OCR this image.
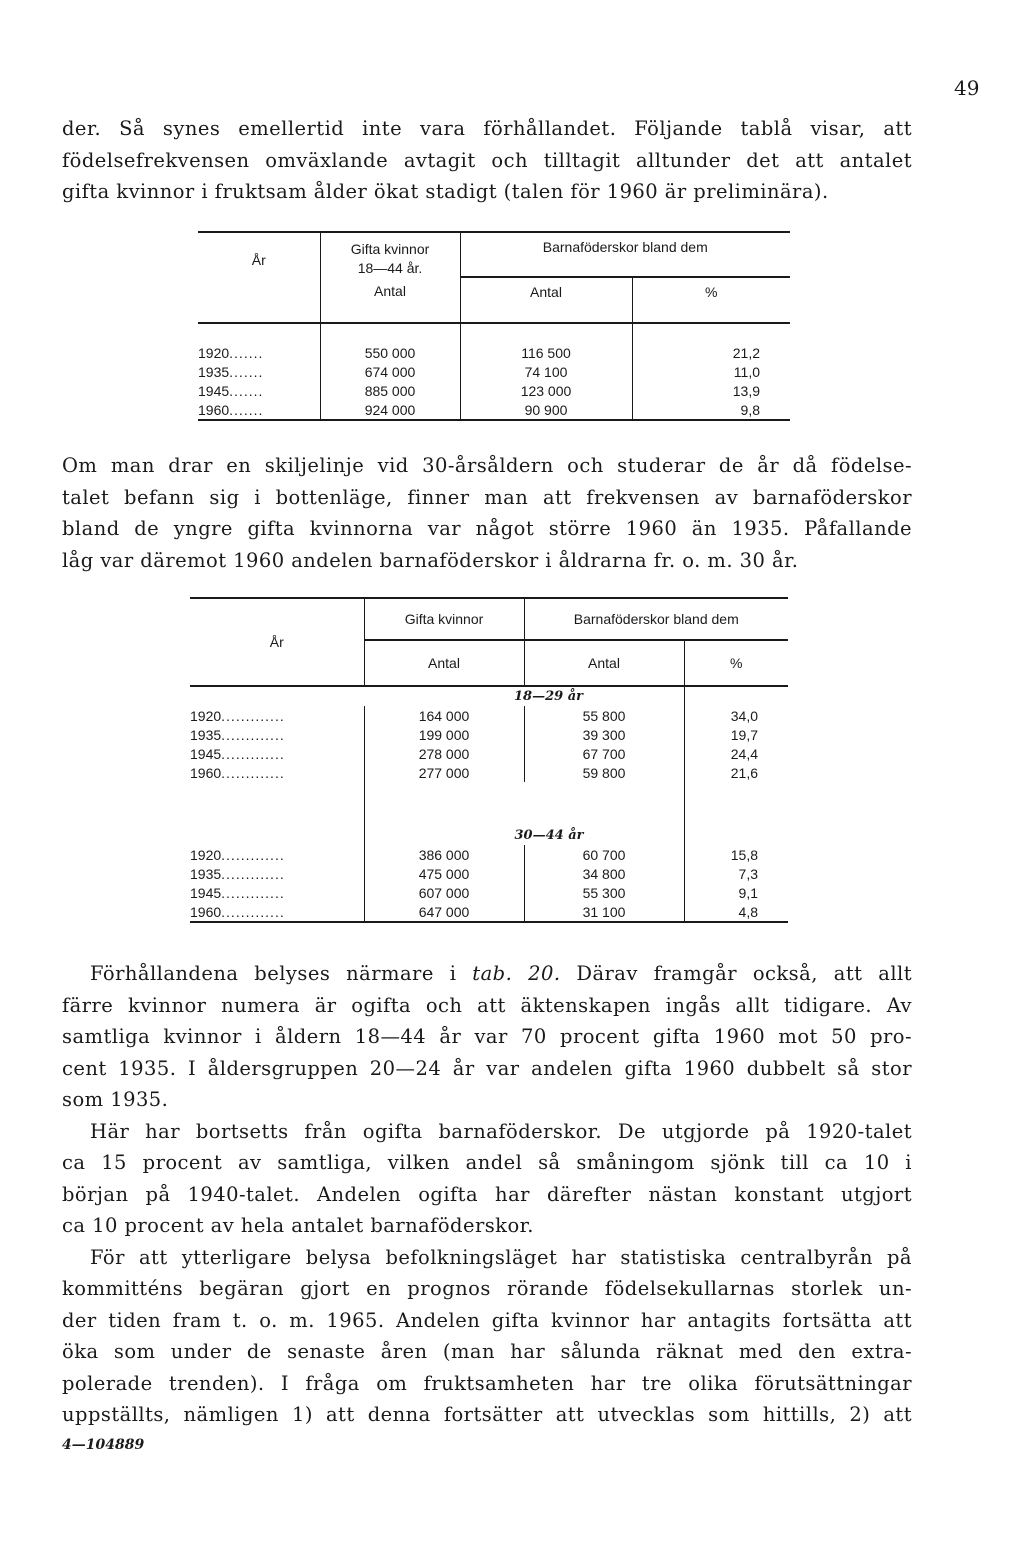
49
der. Så synes emellertid inte vara förhållandet. Följande tablå visar, att
födelsefrekvensen omväxlande avtagit och tilltagit alltunder det att antalet
gifta kvinnor i fruktsam ålder ökat stadigt (talen för 1960 är preliminära).
År	Gifta kvinnor	Barnaföderskor bland dem	
	18—44 år.		
	Antal	Antal	%

1920.......	550 000	116 500	21,2
1935.......	674 000	74 100	11,0
1945.......	885 000	123 000	13,9
1960.......	924 000	90 900	9,8
Om man drar en skiljelinje vid 30-årsåldern och studerar de år då födelse-
talet befann sig i bottenläge, finner man att frekvensen av barnaföderskor
bland de yngre gifta kvinnorna var något större 1960 än 1935. Påfallande
låg var däremot 1960 andelen barnaföderskor i åldrarna fr. o. m. 30 år.
År	Gifta kvinnor	Barnaföderskor bland dem	
	Antal	Antal	%
	18—29 år		
1920.............	164 000	55 800	34,0
1935.............	199 000	39 300	19,7
1945.............	278 000	67 700	24,4
1960.............	277 000	59 800	21,6

	30—44 år		
1920.............	386 000	60 700	15,8
1935.............	475 000	34 800	7,3
1945.............	607 000	55 300	9,1
1960.............	647 000	31 100	4,8
Förhållandena belyses närmare i tab. 20. Därav framgår också, att allt
färre kvinnor numera är ogifta och att äktenskapen ingås allt tidigare. Av
samtliga kvinnor i åldern 18—44 år var 70 procent gifta 1960 mot 50 pro-
cent 1935. I åldersgruppen 20—24 år var andelen gifta 1960 dubbelt så stor
som 1935.
Här har bortsetts från ogifta barnaföderskor. De utgjorde på 1920-talet
ca 15 procent av samtliga, vilken andel så småningom sjönk till ca 10 i
början på 1940-talet. Andelen ogifta har därefter nästan konstant utgjort
ca 10 procent av hela antalet barnaföderskor.
För att ytterligare belysa befolkningsläget har statistiska centralbyrån på
kommitténs begäran gjort en prognos rörande födelsekullarnas storlek un-
der tiden fram t. o. m. 1965. Andelen gifta kvinnor har antagits fortsätta att
öka som under de senaste åren (man har sålunda räknat med den extra-
polerade trenden). I fråga om fruktsamheten har tre olika förutsättningar
uppställts, nämligen 1) att denna fortsätter att utvecklas som hittills, 2) att
4—104889
